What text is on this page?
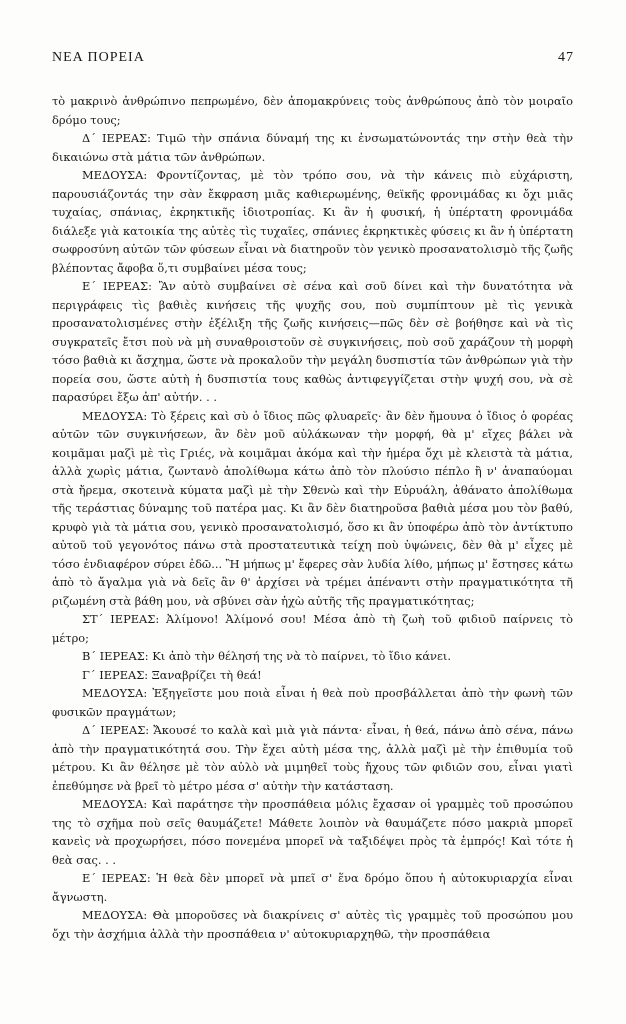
ΝΕΑ ΠΟΡΕΙΑ	47

τὸ μακρινὸ ἀνθρώπινο πεπρωμένο, δὲν ἀπομακρύνεις τοὺς ἀνθρώπους ἀπὸ τὸν μοιραῖο δρόμο τους;

Δ΄ ΙΕΡΕΑΣ: Τιμῶ τὴν σπάνια δύναμή της κι ἐνσωματώνοντάς την στὴν θεὰ τὴν δικαιώνω στὰ μάτια τῶν ἀνθρώπων.

ΜΕΔΟΥΣΑ: Φροντίζοντας, μὲ τὸν τρόπο σου, νὰ τὴν κάνεις πιὸ εὐχάριστη, παρουσιάζοντάς την σὰν ἔκφραση μιᾶς καθιερωμένης, θεϊκῆς φρονιμάδας κι ὄχι μιᾶς τυχαίας, σπάνιας, ἐκρηκτικῆς ἰδιοτροπίας. Κι ἂν ἡ φυσική, ἡ ὑπέρτατη φρονιμάδα διάλεξε γιὰ κατοικία της αὐτὲς τὶς τυχαῖες, σπάνιες ἐκρηκτικὲς φύσεις κι ἂν ἡ ὑπέρτατη σωφροσύνη αὐτῶν τῶν φύσεων εἶναι νὰ διατηροῦν τὸν γενικὸ προσανατολισμὸ τῆς ζωῆς βλέποντας ἄφοβα ὅ,τι συμβαίνει μέσα τους;

Ε΄ ΙΕΡΕΑΣ: Ἂν αὐτὸ συμβαίνει σὲ σένα καὶ σοῦ δίνει καὶ τὴν δυνατότητα νὰ περιγράφεις τὶς βαθιὲς κινήσεις τῆς ψυχῆς σου, ποὺ συμπίπτουν μὲ τὶς γενικὰ προσανατολισμένες στὴν ἐξέλιξη τῆς ζωῆς κινήσεις—πῶς δὲν σὲ βοήθησε καὶ νὰ τὶς συγκρατεῖς ἔτσι ποὺ νὰ μὴ συναθροιστοῦν σὲ συγκινήσεις, ποὺ σοῦ χαράζουν τὴ μορφὴ τόσο βαθιὰ κι ἄσχημα, ὥστε νὰ προκαλοῦν τὴν μεγάλη δυσπιστία τῶν ἀνθρώπων γιὰ τὴν πορεία σου, ὥστε αὐτὴ ἡ δυσπιστία τους καθὼς ἀντιφεγγίζεται στὴν ψυχή σου, νὰ σὲ παρασύρει ἔξω ἀπ' αὐτήν. . .

ΜΕΔΟΥΣΑ: Τὸ ξέρεις καὶ σὺ ὁ ἴδιος πῶς φλυαρεῖς· ἂν δὲν ἤμουνα ὁ ἴδιος ὁ φορέας αὐτῶν τῶν συγκινήσεων, ἂν δὲν μοῦ αὐλάκωναν τὴν μορφή, θὰ μ' εἴχες βάλει νὰ κοιμᾶμαι μαζὶ μὲ τὶς Γριές, νὰ κοιμᾶμαι ἀκόμα καὶ τὴν ἡμέρα ὄχι μὲ κλειστὰ τὰ μάτια, ἀλλὰ χωρὶς μάτια, ζωντανὸ ἀπολίθωμα κάτω ἀπὸ τὸν πλούσιο πέπλο ἢ ν' ἀναπαύομαι στὰ ἤρεμα, σκοτεινὰ κύματα μαζὶ μὲ τὴν Σθενὼ καὶ τὴν Εὐρυάλη, ἀθάνατο ἀπολίθωμα τῆς τεράστιας δύναμης τοῦ πατέρα μας. Κι ἂν δὲν διατηροῦσα βαθιὰ μέσα μου τὸν βαθύ, κρυφὸ γιὰ τὰ μάτια σου, γενικὸ προσανατολισμό, ὅσο κι ἂν ὑποφέρω ἀπὸ τὸν ἀντίκτυπο αὐτοῦ τοῦ γεγονότος πάνω στὰ προστατευτικὰ τείχη ποὺ ὑψώνεις, δὲν θὰ μ' εἶχες μὲ τόσο ἐνδιαφέρον σύρει ἐδῶ... Ἢ μήπως μ' ἔφερες σὰν λυδία λίθο, μήπως μ' ἔστησες κάτω ἀπὸ τὸ ἄγαλμα γιὰ νὰ δεῖς ἂν θ' ἀρχίσει νὰ τρέμει ἀπέναντι στὴν πραγματικότητα τῆ ριζωμένη στὰ βάθη μου, νὰ σβύνει σὰν ἠχὼ αὐτῆς τῆς πραγματικότητας;

ΣΤ΄ ΙΕΡΕΑΣ: Ἀλίμονο! Ἀλίμονό σου! Μέσα ἀπὸ τὴ ζωὴ τοῦ φιδιοῦ παίρνεις τὸ μέτρο;

Β΄ ΙΕΡΕΑΣ: Κι ἀπὸ τὴν θέλησή της νὰ τὸ παίρνει, τὸ ἴδιο κάνει.

Γ΄ ΙΕΡΕΑΣ: Ξαναβρίζει τὴ θεά!

ΜΕΔΟΥΣΑ: Ἐξηγεῖστε μου ποιὰ εἶναι ἡ θεὰ ποὺ προσβάλλεται ἀπὸ τὴν φωνὴ τῶν φυσικῶν πραγμάτων;

Δ΄ ΙΕΡΕΑΣ: Ἄκουσέ το καλὰ καὶ μιὰ γιὰ πάντα· εἶναι, ἡ θεά, πάνω ἀπὸ σένα, πάνω ἀπὸ τὴν πραγματικότητά σου. Τὴν ἔχει αὐτὴ μέσα της, ἀλλὰ μαζὶ μὲ τὴν ἐπιθυμία τοῦ μέτρου. Κι ἂν θέλησε μὲ τὸν αὐλὸ νὰ μιμηθεῖ τοὺς ἤχους τῶν φιδιῶν σου, εἶναι γιατὶ ἐπεθύμησε νὰ βρεῖ τὸ μέτρο μέσα σ' αὐτὴν τὴν κατάσταση.

ΜΕΔΟΥΣΑ: Καὶ παράτησε τὴν προσπάθεια μόλις ἔχασαν οἱ γραμμὲς τοῦ προσώπου της τὸ σχῆμα ποὺ σεῖς θαυμάζετε! Μάθετε λοιπὸν νὰ θαυμάζετε πόσο μακριὰ μπορεῖ κανεὶς νὰ προχωρήσει, πόσο πονεμένα μπορεῖ νὰ ταξιδέψει πρὸς τὰ ἐμπρός! Καὶ τότε ἡ θεὰ σας. . .

Ε΄ ΙΕΡΕΑΣ: Ἡ θεὰ δὲν μπορεῖ νὰ μπεῖ σ' ἕνα δρόμο ὅπου ἡ αὐτοκυριαρχία εἶναι ἄγνωστη.

ΜΕΔΟΥΣΑ: Θὰ μποροῦσες νὰ διακρίνεις σ' αὐτὲς τὶς γραμμὲς τοῦ προσώπου μου ὄχι τὴν ἀσχήμια ἀλλὰ τὴν προσπάθεια ν' αὐτοκυριαρχηθῶ, τὴν προσπάθεια
